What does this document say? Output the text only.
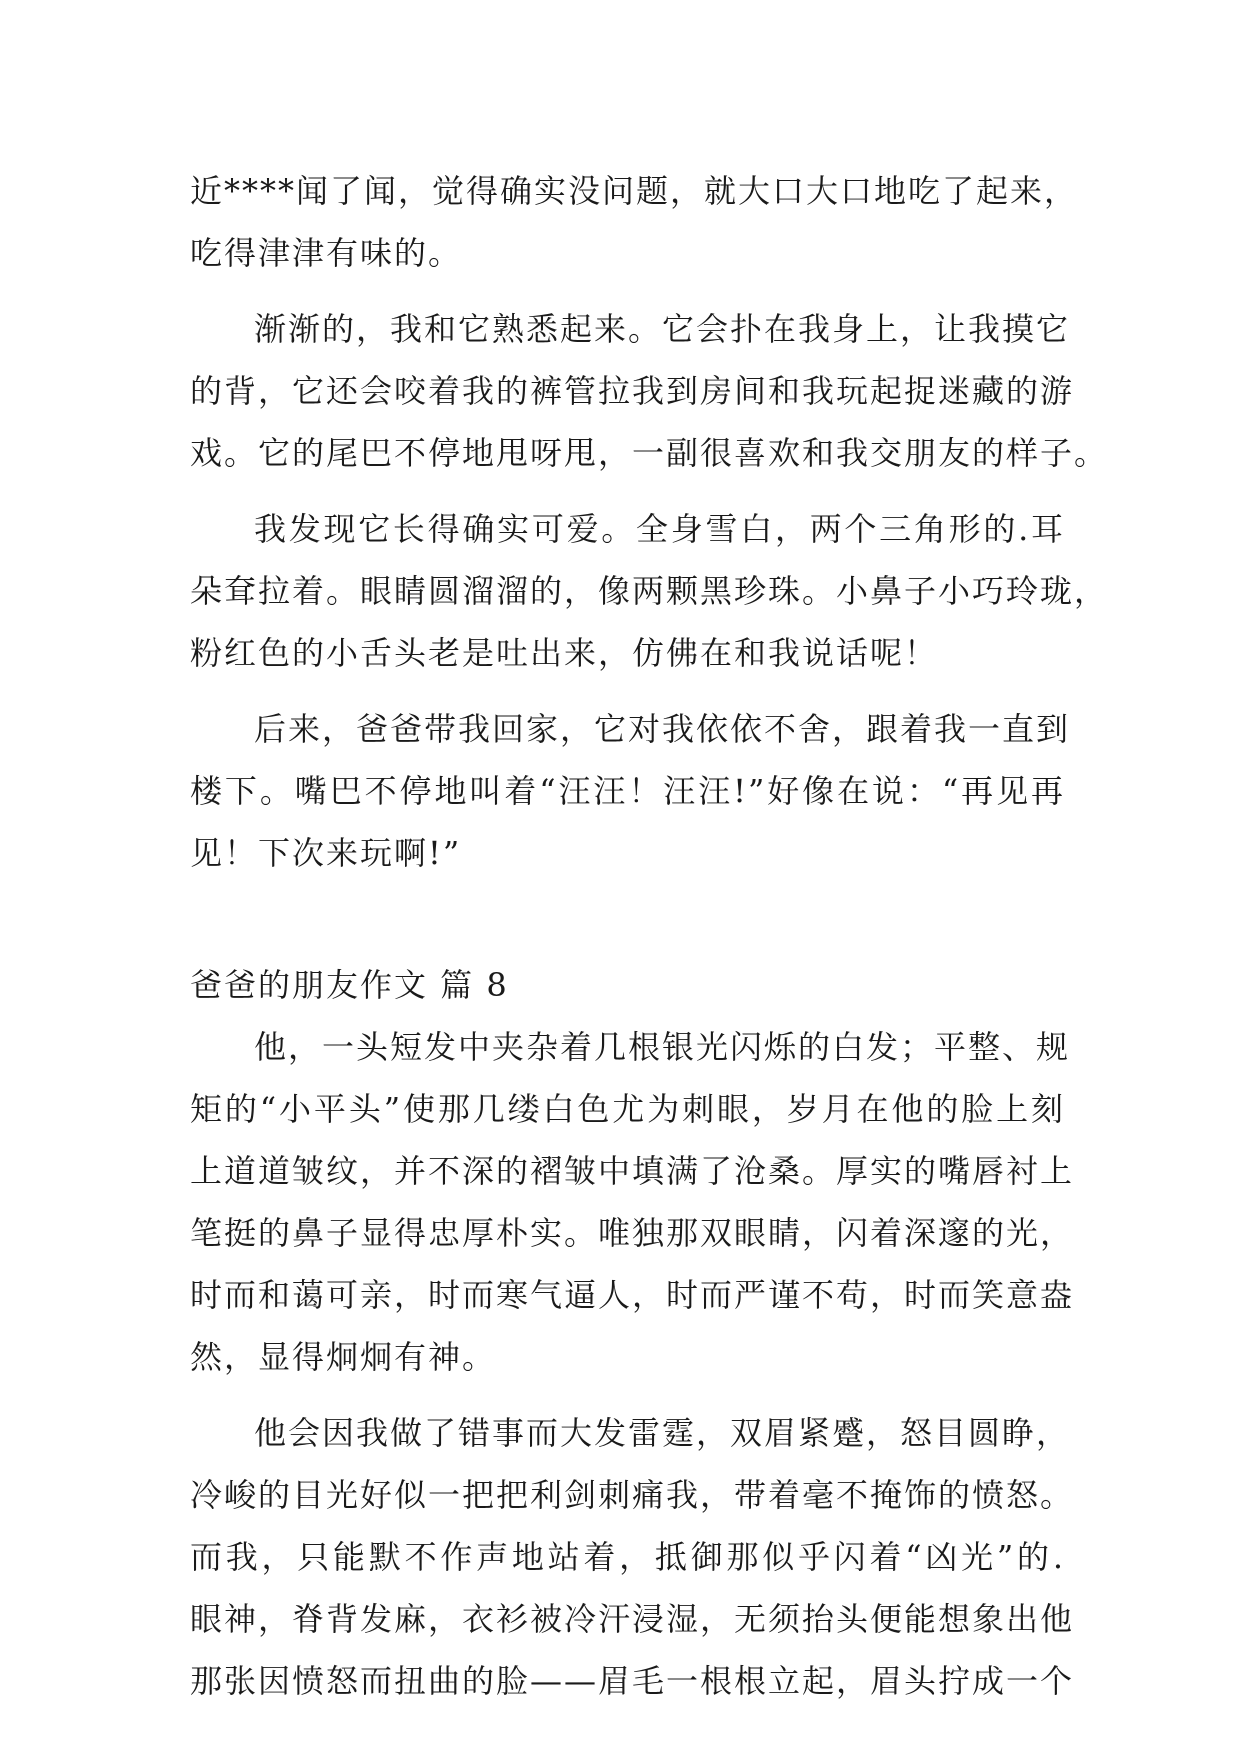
近****闻了闻，觉得确实没问题，就大口大口地吃了起来，
吃得津津有味的。
渐渐的，我和它熟悉起来。它会扑在我身上，让我摸它
的背，它还会咬着我的裤管拉我到房间和我玩起捉迷藏的游
戏。它的尾巴不停地甩呀甩，一副很喜欢和我交朋友的样子。
我发现它长得确实可爱。全身雪白，两个三角形的.耳
朵耷拉着。眼睛圆溜溜的，像两颗黑珍珠。小鼻子小巧玲珑，
粉红色的小舌头老是吐出来，仿佛在和我说话呢！
后来，爸爸带我回家，它对我依依不舍，跟着我一直到
楼下。嘴巴不停地叫着“汪汪！汪汪!”好像在说：“再见再
见！下次来玩啊!”
爸爸的朋友作文 篇 8
他，一头短发中夹杂着几根银光闪烁的白发；平整、规
矩的“小平头”使那几缕白色尤为刺眼，岁月在他的脸上刻
上道道皱纹，并不深的褶皱中填满了沧桑。厚实的嘴唇衬上
笔挺的鼻子显得忠厚朴实。唯独那双眼睛，闪着深邃的光，
时而和蔼可亲，时而寒气逼人，时而严谨不苟，时而笑意盎
然，显得炯炯有神。
他会因我做了错事而大发雷霆，双眉紧蹙，怒目圆睁，
冷峻的目光好似一把把利剑刺痛我，带着毫不掩饰的愤怒。
而我，只能默不作声地站着，抵御那似乎闪着“凶光”的.
眼神，脊背发麻，衣衫被冷汗浸湿，无须抬头便能想象出他
那张因愤怒而扭曲的脸——眉毛一根根立起，眉头拧成一个
